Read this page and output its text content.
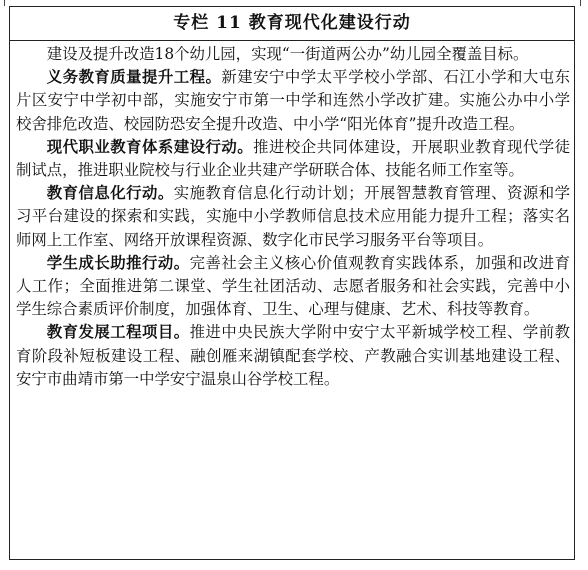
专栏 11 教育现代化建设行动

建设及提升改造18个幼儿园，实现“一街道两公办”幼儿园全覆盖目标。

义务教育质量提升工程。新建安宁中学太平学校小学部、石江小学和大屯东片区安宁中学初中部，实施安宁市第一中学和连然小学改扩建。实施公办中小学校舍排危改造、校园防恐安全提升改造、中小学“阳光体育”提升改造工程。

现代职业教育体系建设行动。推进校企共同体建设，开展职业教育现代学徒制试点，推进职业院校与行业企业共建产学研联合体、技能名师工作室等。

教育信息化行动。实施教育信息化行动计划；开展智慧教育管理、资源和学习平台建设的探索和实践，实施中小学教师信息技术应用能力提升工程；落实名师网上工作室、网络开放课程资源、数字化市民学习服务平台等项目。

学生成长助推行动。完善社会主义核心价值观教育实践体系，加强和改进育人工作；全面推进第二课堂、学生社团活动、志愿者服务和社会实践，完善中小学生综合素质评价制度，加强体育、卫生、心理与健康、艺术、科技等教育。

教育发展工程项目。推进中央民族大学附中安宁太平新城学校工程、学前教育阶段补短板建设工程、融创雁来湖镇配套学校、产教融合实训基地建设工程、安宁市曲靖市第一中学安宁温泉山谷学校工程。
